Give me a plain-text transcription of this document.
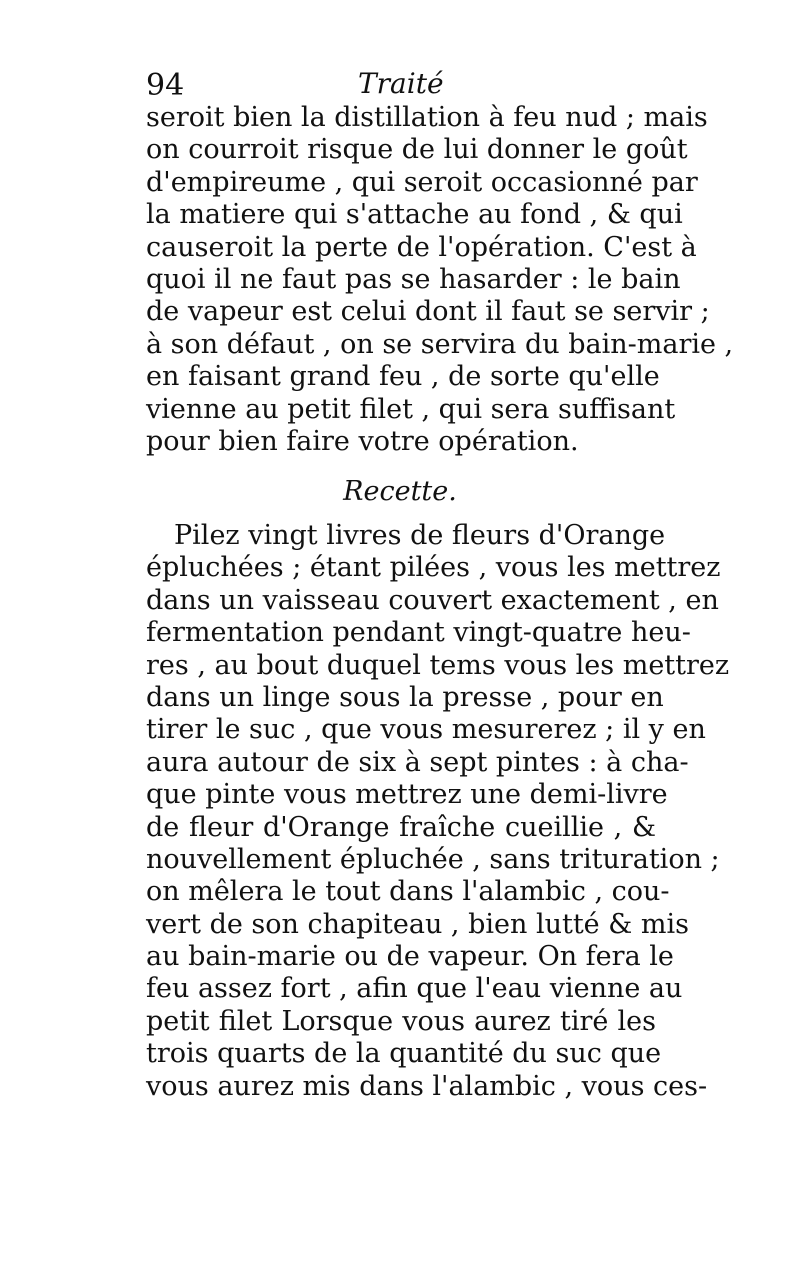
94	Traité
seroit bien la distillation à feu nud ; mais
on courroit risque de lui donner le goût
d'empireume , qui seroit occasionné par
la matiere qui s'attache au fond , & qui
causeroit la perte de l'opération. C'est à
quoi il ne faut pas se hasarder : le bain
de vapeur est celui dont il faut se servir ;
à son défaut , on se servira du bain-marie ,
en faisant grand feu , de sorte qu'elle
vienne au petit filet , qui sera suffisant
pour bien faire votre opération.
Recette.
Pilez vingt livres de fleurs d'Orange
épluchées ; étant pilées , vous les mettrez
dans un vaisseau couvert exactement , en
fermentation pendant vingt-quatre heu-
res , au bout duquel tems vous les mettrez
dans un linge sous la presse , pour en
tirer le suc , que vous mesurerez ; il y en
aura autour de six à sept pintes : à cha-
que pinte vous mettrez une demi-livre
de fleur d'Orange fraîche cueillie , &
nouvellement épluchée , sans trituration ;
on mêlera le tout dans l'alambic , cou-
vert de son chapiteau , bien lutté & mis
au bain-marie ou de vapeur. On fera le
feu assez fort , afin que l'eau vienne au
petit filet Lorsque vous aurez tiré les
trois quarts de la quantité du suc que
vous aurez mis dans l'alambic , vous ces-
